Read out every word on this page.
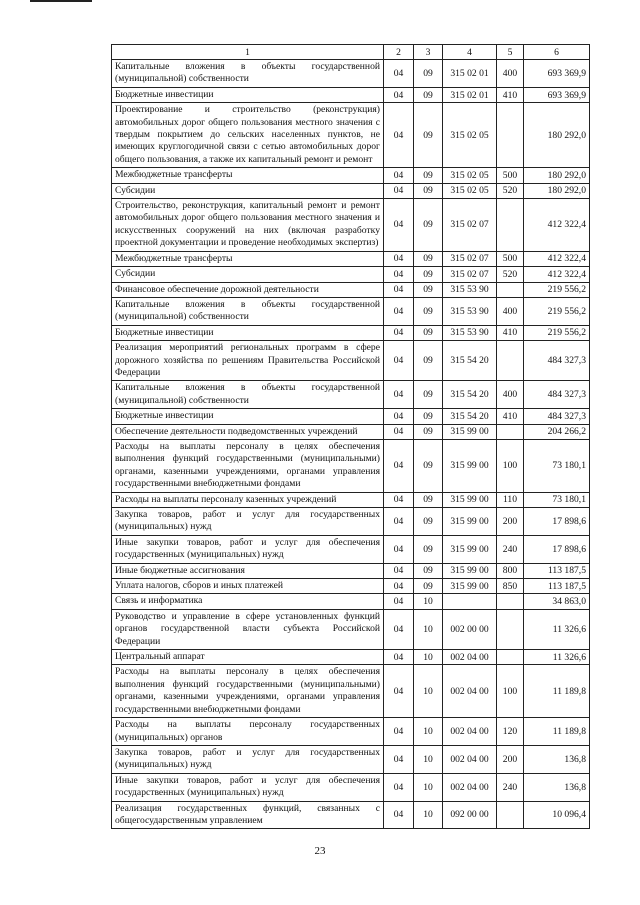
1	2	3	4	5	6
Капитальные вложения в объекты государственной (муниципальной) собственности	04	09	315 02 01	400	693 369,9
Бюджетные инвестиции	04	09	315 02 01	410	693 369,9
Проектирование и строительство (реконструкция) автомобильных дорог общего пользования местного значения с твердым покрытием до сельских населенных пунктов, не имеющих круглогодичной связи с сетью автомобильных дорог общего пользования, а также их капитальный ремонт и ремонт	04	09	315 02 05		180 292,0
Межбюджетные трансферты	04	09	315 02 05	500	180 292,0
Субсидии	04	09	315 02 05	520	180 292,0
Строительство, реконструкция, капитальный ремонт и ремонт автомобильных дорог общего пользования местного значения и искусственных сооружений на них (включая разработку проектной документации и проведение необходимых экспертиз)	04	09	315 02 07		412 322,4
Межбюджетные трансферты	04	09	315 02 07	500	412 322,4
Субсидии	04	09	315 02 07	520	412 322,4
Финансовое обеспечение дорожной деятельности	04	09	315 53 90		219 556,2
Капитальные вложения в объекты государственной (муниципальной) собственности	04	09	315 53 90	400	219 556,2
Бюджетные инвестиции	04	09	315 53 90	410	219 556,2
Реализация мероприятий региональных программ в сфере дорожного хозяйства по решениям Правительства Российской Федерации	04	09	315 54 20		484 327,3
Капитальные вложения в объекты государственной (муниципальной) собственности	04	09	315 54 20	400	484 327,3
Бюджетные инвестиции	04	09	315 54 20	410	484 327,3
Обеспечение деятельности подведомственных учреждений	04	09	315 99 00		204 266,2
Расходы на выплаты персоналу в целях обеспечения выполнения функций государственными (муниципальными) органами, казенными учреждениями, органами управления государственными внебюджетными фондами	04	09	315 99 00	100	73 180,1
Расходы на выплаты персоналу казенных учреждений	04	09	315 99 00	110	73 180,1
Закупка товаров, работ и услуг для государственных (муниципальных) нужд	04	09	315 99 00	200	17 898,6
Иные закупки товаров, работ и услуг для обеспечения государственных (муниципальных) нужд	04	09	315 99 00	240	17 898,6
Иные бюджетные ассигнования	04	09	315 99 00	800	113 187,5
Уплата налогов, сборов и иных платежей	04	09	315 99 00	850	113 187,5
Связь и информатика	04	10			34 863,0
Руководство и управление в сфере установленных функций органов государственной власти субъекта Российской Федерации	04	10	002 00 00		11 326,6
Центральный аппарат	04	10	002 04 00		11 326,6
Расходы на выплаты персоналу в целях обеспечения выполнения функций государственными (муниципальными) органами, казенными учреждениями, органами управления государственными внебюджетными фондами	04	10	002 04 00	100	11 189,8
Расходы на выплаты персоналу государственных (муниципальных) органов	04	10	002 04 00	120	11 189,8
Закупка товаров, работ и услуг для государственных (муниципальных) нужд	04	10	002 04 00	200	136,8
Иные закупки товаров, работ и услуг для обеспечения государственных (муниципальных) нужд	04	10	002 04 00	240	136,8
Реализация государственных функций, связанных с общегосударственным управлением	04	10	092 00 00		10 096,4
23
